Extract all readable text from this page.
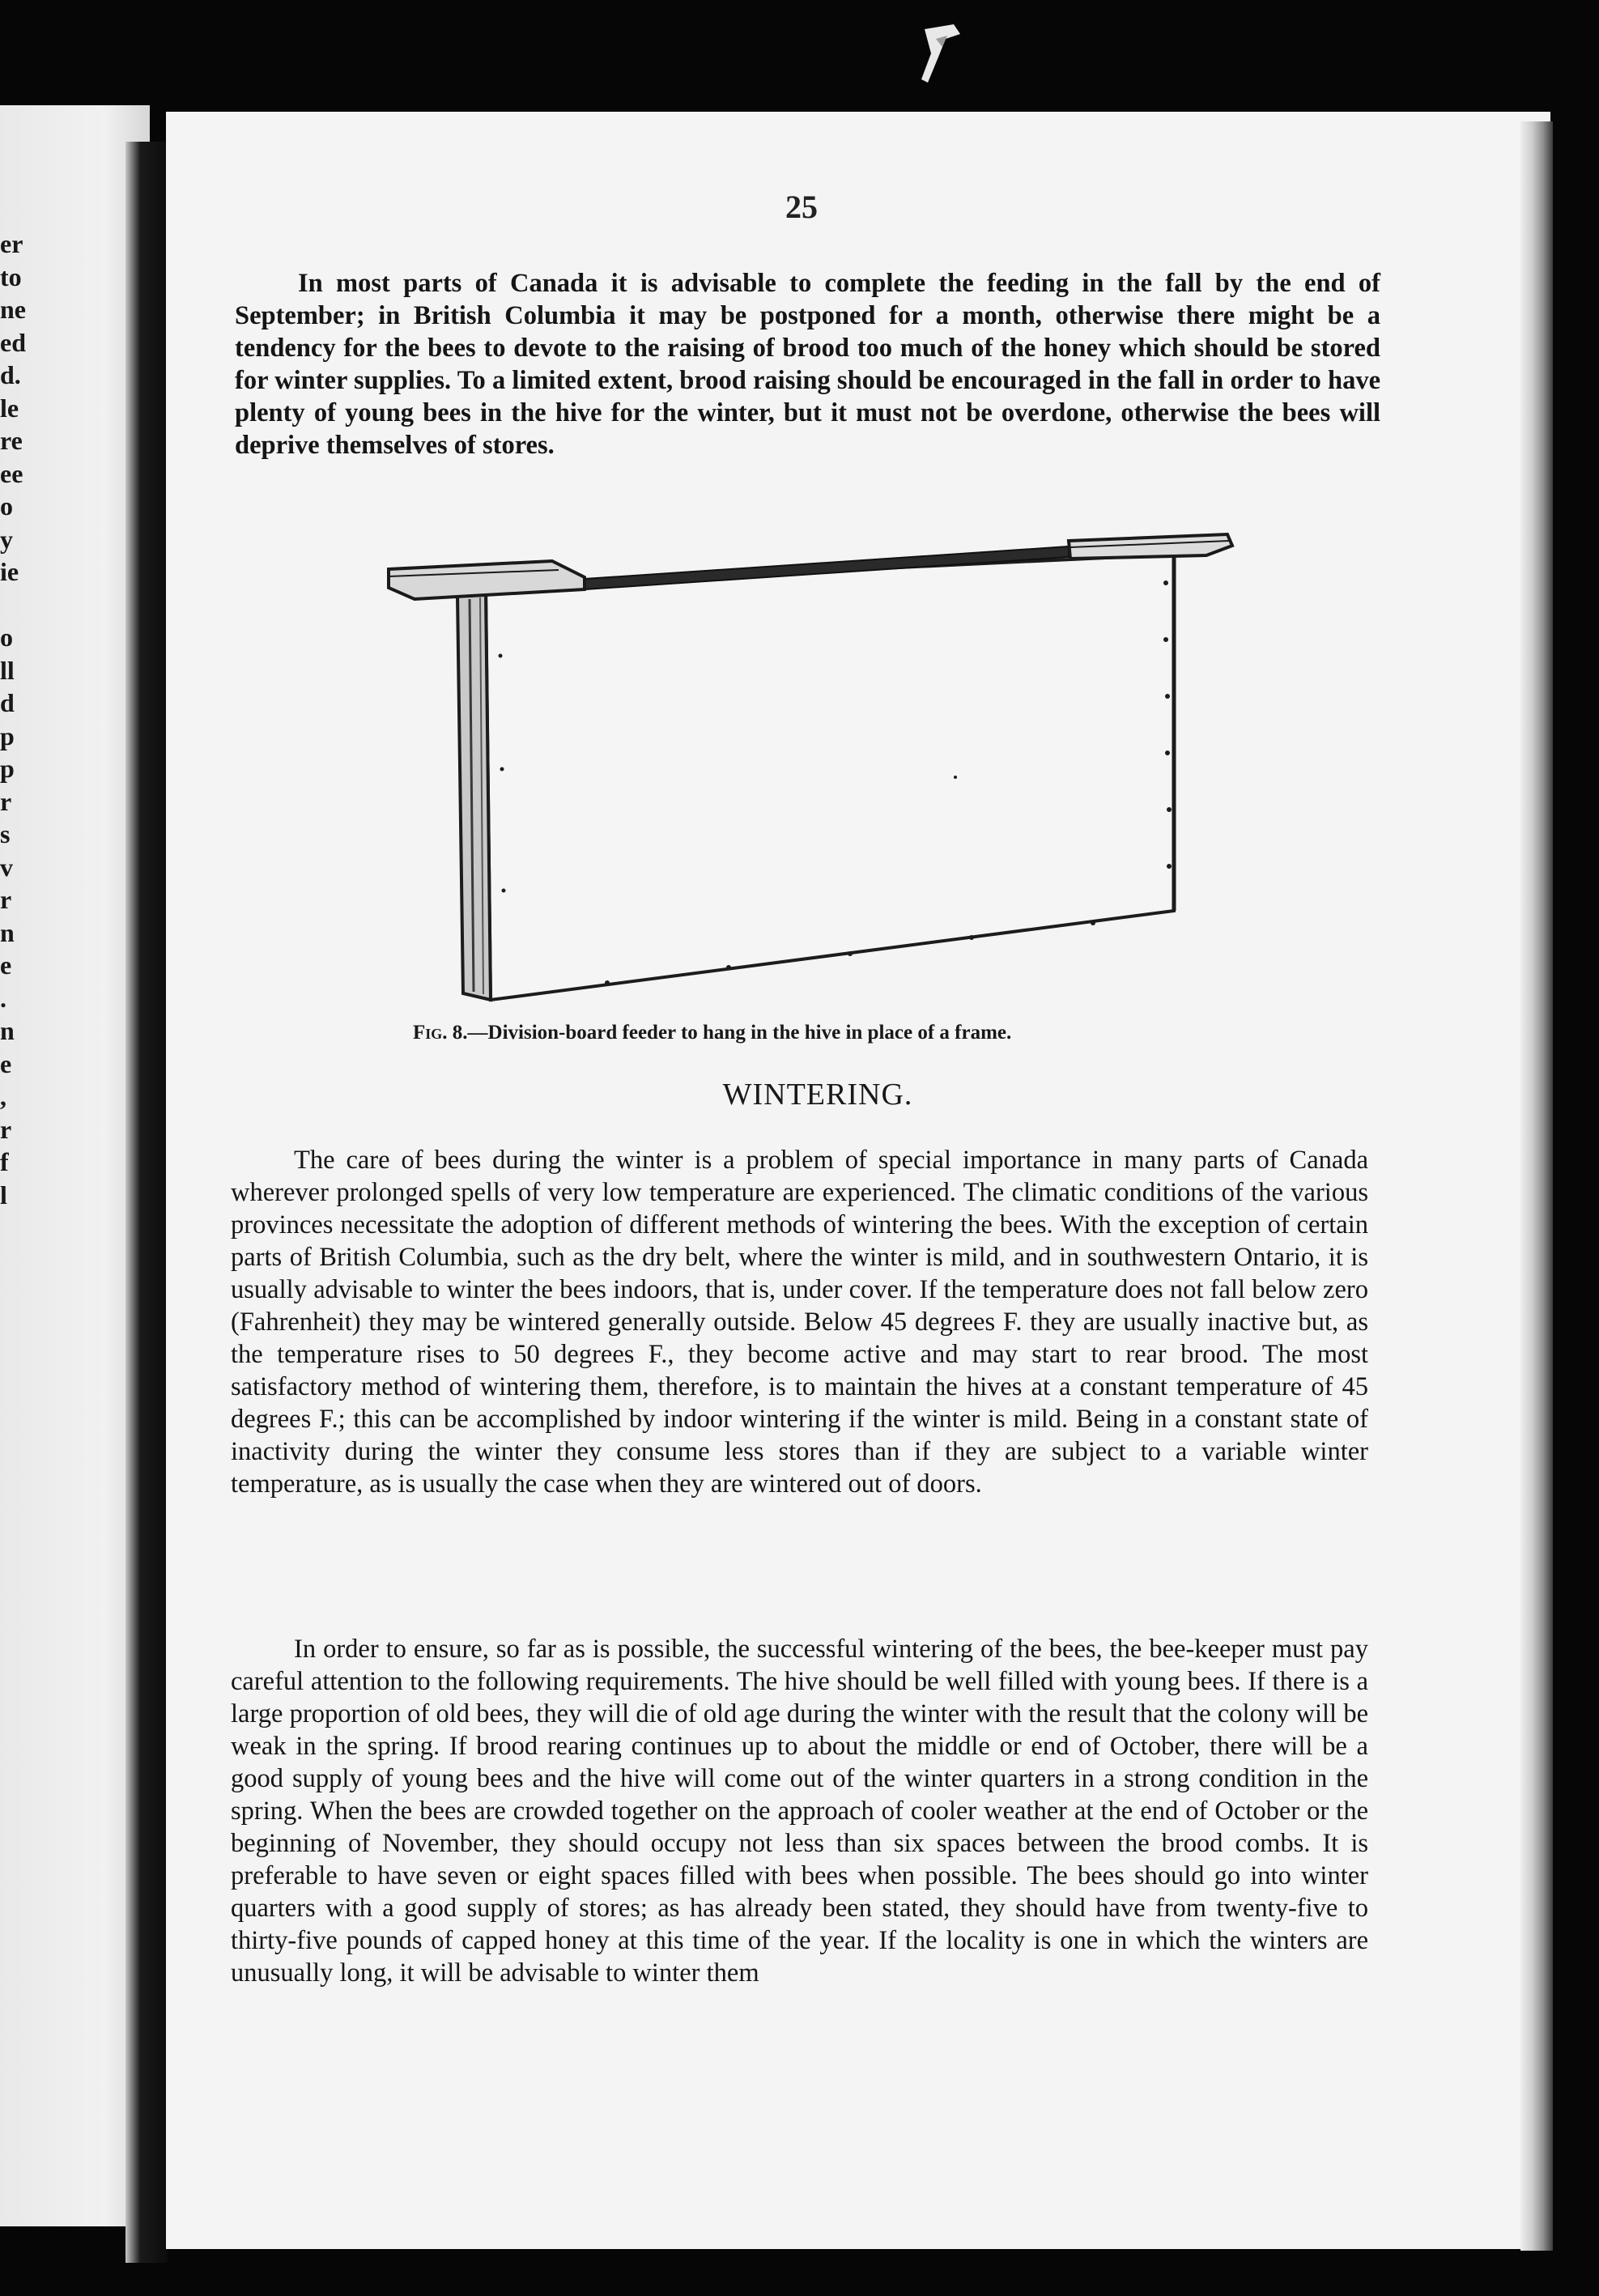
er
to
ne
ed
d.
le
re
ee
o
y
ie

o
ll
d
p
p
r
s
v
r
n
e
.
n
e
,
r
f
l

25

In most parts of Canada it is advisable to complete the feeding in the fall by the end of September; in British Columbia it may be postponed for a month, otherwise there might be a tendency for the bees to devote to the raising of brood too much of the honey which should be stored for winter supplies. To a limited extent, brood raising should be encouraged in the fall in order to have plenty of young bees in the hive for the winter, but it must not be overdone, otherwise the bees will deprive themselves of stores.

Fig. 8.—Division-board feeder to hang in the hive in place of a frame.
WINTERING.

The care of bees during the winter is a problem of special importance in many parts of Canada wherever prolonged spells of very low temperature are experienced. The climatic conditions of the various provinces necessitate the adoption of different methods of wintering the bees. With the exception of certain parts of British Columbia, such as the dry belt, where the winter is mild, and in southwestern Ontario, it is usually advisable to winter the bees indoors, that is, under cover. If the temperature does not fall below zero (Fahrenheit) they may be wintered generally outside. Below 45 degrees F. they are usually inactive but, as the temperature rises to 50 degrees F., they become active and may start to rear brood. The most satisfactory method of wintering them, therefore, is to maintain the hives at a constant temperature of 45 degrees F.; this can be accomplished by indoor wintering if the winter is mild. Being in a constant state of inactivity during the winter they consume less stores than if they are subject to a variable winter temperature, as is usually the case when they are wintered out of doors.

In order to ensure, so far as is possible, the successful wintering of the bees, the bee-keeper must pay careful attention to the following requirements. The hive should be well filled with young bees. If there is a large proportion of old bees, they will die of old age during the winter with the result that the colony will be weak in the spring. If brood rearing continues up to about the middle or end of October, there will be a good supply of young bees and the hive will come out of the winter quarters in a strong condition in the spring. When the bees are crowded together on the approach of cooler weather at the end of October or the beginning of November, they should occupy not less than six spaces between the brood combs. It is preferable to have seven or eight spaces filled with bees when possible. The bees should go into winter quarters with a good supply of stores; as has already been stated, they should have from twenty-five to thirty-five pounds of capped honey at this time of the year. If the locality is one in which the winters are unusually long, it will be advisable to winter them
